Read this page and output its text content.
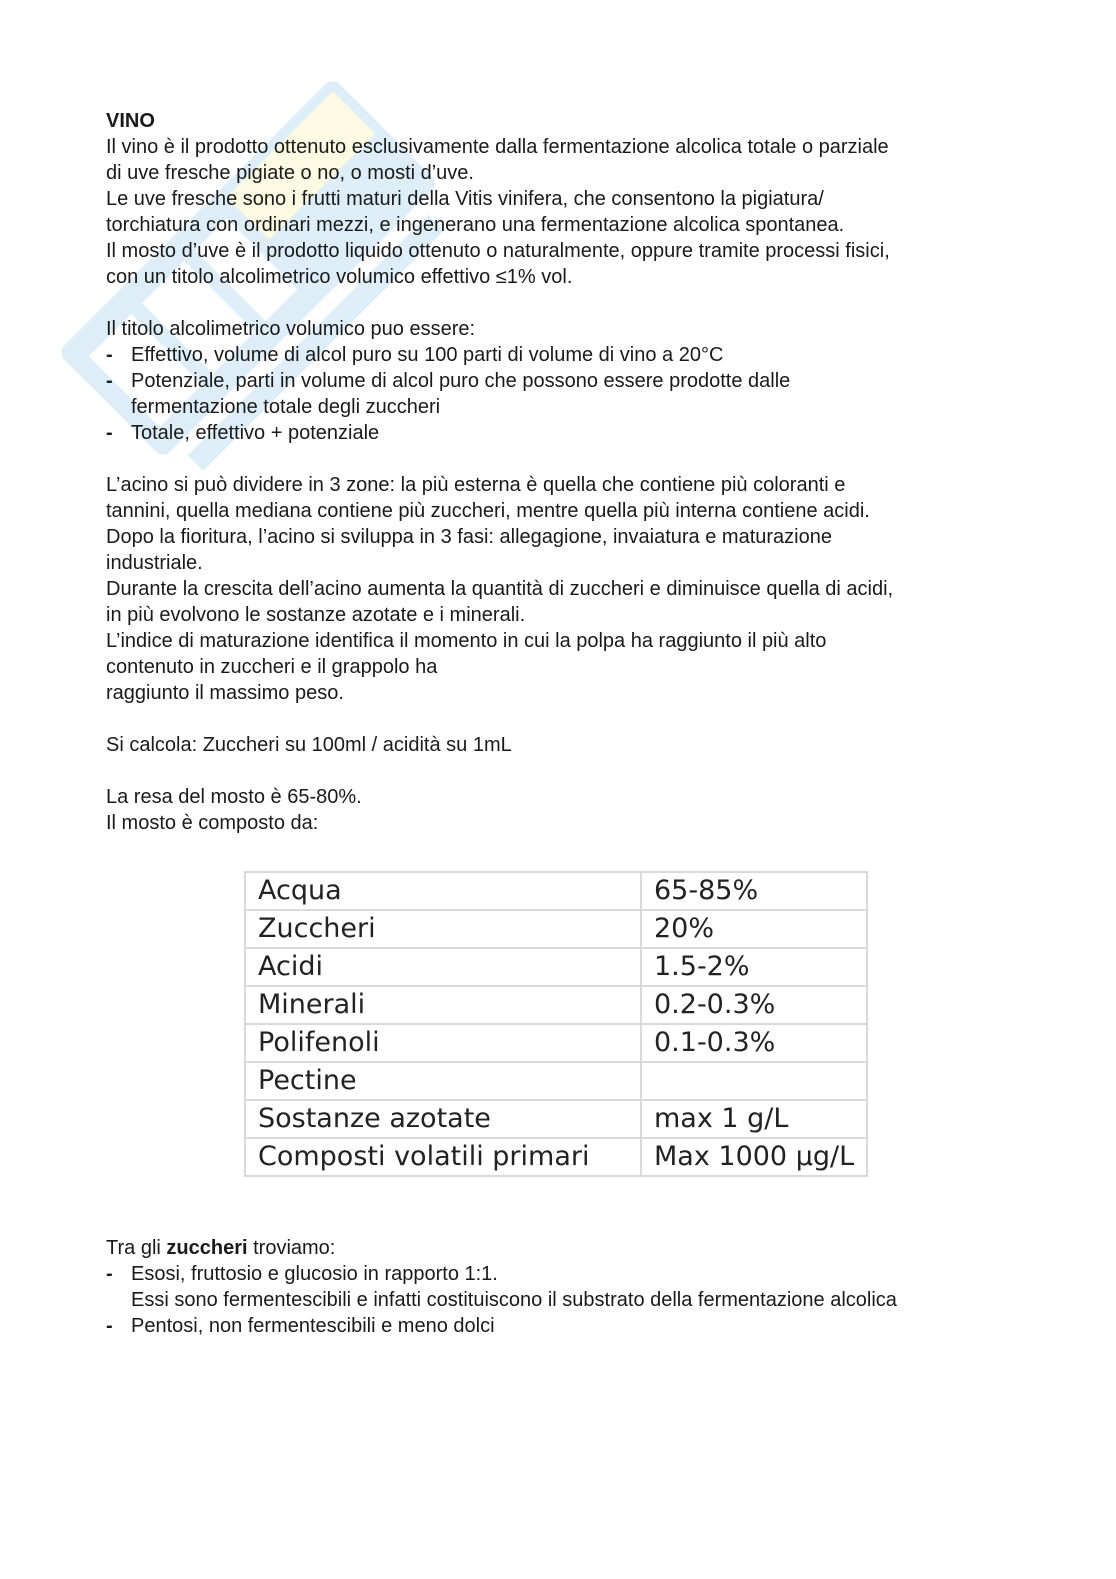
VINO

Il vino è il prodotto ottenuto esclusivamente dalla fermentazione alcolica totale o parziale

di uve fresche pigiate o no, o mosti d’uve.

Le uve fresche sono i frutti maturi della Vitis vinifera, che consentono la pigiatura/

torchiatura con ordinari mezzi, e ingenerano una fermentazione alcolica spontanea.

Il mosto d’uve è il prodotto liquido ottenuto o naturalmente, oppure tramite processi fisici,

con un titolo alcolimetrico volumico effettivo ≤1% vol.

Il titolo alcolimetrico volumico puo essere:

- Effettivo, volume di alcol puro su 100 parti di volume di vino a 20°C
- Potenziale, parti in volume di alcol puro che possono essere prodotte dalle
fermentazione totale degli zuccheri
- Totale, effettivo + potenziale

L’acino si può dividere in 3 zone: la più esterna è quella che contiene più coloranti e

tannini, quella mediana contiene più zuccheri, mentre quella più interna contiene acidi.

Dopo la fioritura, l’acino si sviluppa in 3 fasi: allegagione, invaiatura e maturazione

industriale.

Durante la crescita dell’acino aumenta la quantità di zuccheri e diminuisce quella di acidi,

in più evolvono le sostanze azotate e i minerali.

L’indice di maturazione identifica il momento in cui la polpa ha raggiunto il più alto

contenuto in zuccheri e il grappolo ha

raggiunto il massimo peso.

Si calcola: Zuccheri su 100ml / acidità su 1mL

La resa del mosto è 65-80%.

Il mosto è composto da:

Acqua	65-85%
Zuccheri	20%
Acidi	1.5-2%
Minerali	0.2-0.3%
Polifenoli	0.1-0.3%
Pectine	
Sostanze azotate	max 1 g/L
Composti volatili primari	Max 1000 µg/L

Tra gli zuccheri troviamo:

- Esosi, fruttosio e glucosio in rapporto 1:1.
Essi sono fermentescibili e infatti costituiscono il substrato della fermentazione alcolica
- Pentosi, non fermentescibili e meno dolci
